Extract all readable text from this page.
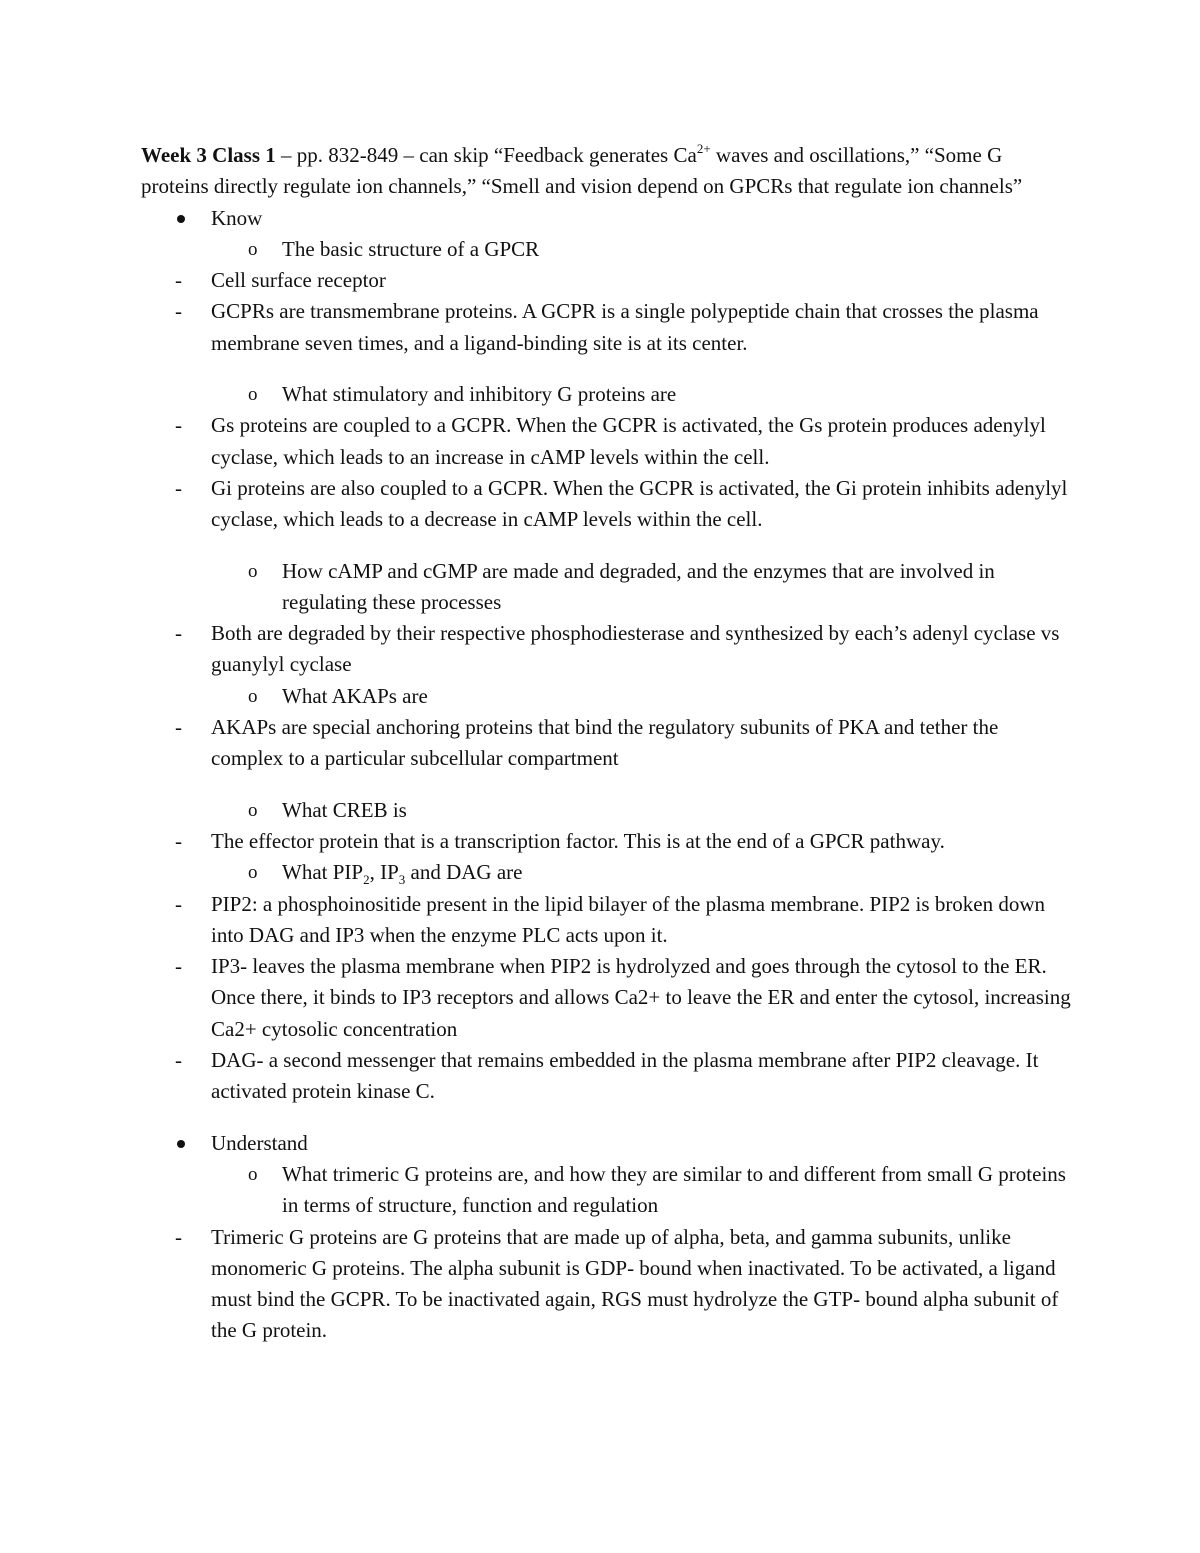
Week 3 Class 1 – pp. 832-849 – can skip “Feedback generates $Ca^{2+}$ waves and oscillations,” “Some G proteins directly regulate ion channels,” “Smell and vision depend on GPCRs that regulate ion channels”
Know
o The basic structure of a GPCR
- Cell surface receptor
- GCPRs are transmembrane proteins. A GCPR is a single polypeptide chain that crosses the plasma membrane seven times, and a ligand-binding site is at its center.
o What stimulatory and inhibitory G proteins are
- Gs proteins are coupled to a GCPR. When the GCPR is activated, the Gs protein produces adenylyl cyclase, which leads to an increase in cAMP levels within the cell.
- Gi proteins are also coupled to a GCPR. When the GCPR is activated, the Gi protein inhibits adenylyl cyclase, which leads to a decrease in cAMP levels within the cell.
o How cAMP and cGMP are made and degraded, and the enzymes that are involved in regulating these processes
- Both are degraded by their respective phosphodiesterase and synthesized by each’s adenyl cyclase vs guanylyl cyclase
o What AKAPs are
- AKAPs are special anchoring proteins that bind the regulatory subunits of PKA and tether the complex to a particular subcellular compartment
o What CREB is
- The effector protein that is a transcription factor. This is at the end of a GPCR pathway.
o What $PIP_2$, $IP_3$ and DAG are
- PIP2: a phosphoinositide present in the lipid bilayer of the plasma membrane. PIP2 is broken down into DAG and IP3 when the enzyme PLC acts upon it.
- IP3- leaves the plasma membrane when PIP2 is hydrolyzed and goes through the cytosol to the ER. Once there, it binds to IP3 receptors and allows Ca2+ to leave the ER and enter the cytosol, increasing Ca2+ cytosolic concentration
- DAG- a second messenger that remains embedded in the plasma membrane after PIP2 cleavage. It activated protein kinase C.
Understand
o What trimeric G proteins are, and how they are similar to and different from small G proteins in terms of structure, function and regulation
- Trimeric G proteins are G proteins that are made up of alpha, beta, and gamma subunits, unlike monomeric G proteins. The alpha subunit is GDP- bound when inactivated. To be activated, a ligand must bind the GCPR. To be inactivated again, RGS must hydrolyze the GTP- bound alpha subunit of the G protein.
